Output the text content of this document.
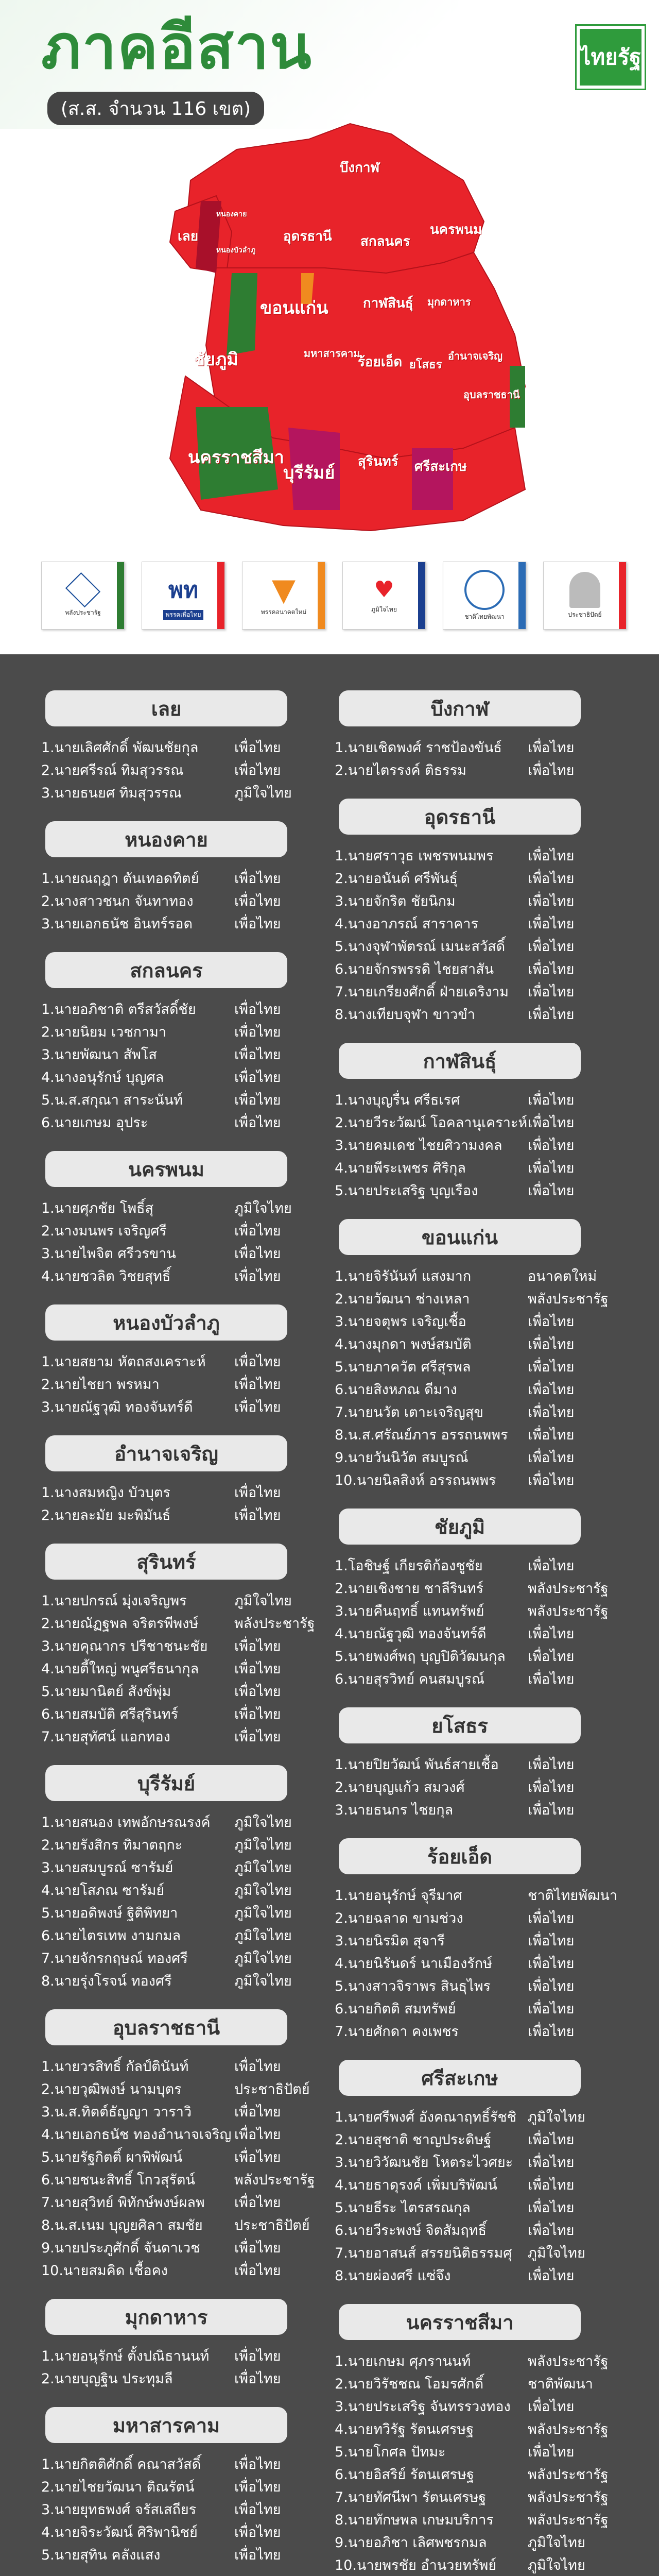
ภาคอีสาน
(ส.ส. จำนวน 116 เขต)
ไทยรัฐ
บึงกาฬ
เลย
หนองบัวลำภู
อุดรธานี สกลนคร
นครพนม
ขอนแก่น	กาฬสินธุ์ มุกดาหาร
ชัยภูมิ	มหาสารคาม
ร้อยเอ็ด ยโสธร
อำนาจเจริญ
อุบลราชธานี
นครราชสีมา
บุรีรัมย์
สุรินทร์ ศรีสะเกษ
หนองคาย
พลังประชารัฐ
พท
พรรคเพื่อไทย
▼
พรรคอนาคตใหม่
♥
ภูมิใจไทย
ชาติไทยพัฒนา	ประชาธิปัตย์
เลย
1.นายเลิศศักดิ์ พัฒนชัยกุล	เพื่อไทย
2.นายศรีรณ์ ทิมสุวรรณ	เพื่อไทย
3.นายธนยศ ทิมสุวรรณ	ภูมิใจไทย
หนองคาย
1.นายณฤฎา ตันเทอดทิตย์	เพื่อไทย
2.นางสาวชนก จันทาทอง	เพื่อไทย
3.นายเอกธนัช อินทร์รอด	เพื่อไทย
สกลนคร
1.นายอภิชาติ ตรีสวัสดิ์ชัย	เพื่อไทย
2.นายนิยม เวชกามา	เพื่อไทย
3.นายพัฒนา สัพโส	เพื่อไทย
4.นางอนุรักษ์ บุญศล	เพื่อไทย
5.น.ส.สกุณา สาระนันท์	เพื่อไทย
6.นายเกษม อุประ	เพื่อไทย
นครพนม
1.นายศุภชัย โพธิ์สุ	ภูมิใจไทย
2.นางมนพร เจริญศรี	เพื่อไทย
3.นายไพจิต ศรีวรขาน	เพื่อไทย
4.นายชวลิต วิชยสุทธิ์	เพื่อไทย
หนองบัวลำภู
1.นายสยาม หัตถสงเคราะห์	เพื่อไทย
2.นายไชยา พรหมา	เพื่อไทย
3.นายณัฐวุฒิ ทองจันทร์ดี	เพื่อไทย
อำนาจเจริญ
1.นางสมหญิง บัวบุตร	เพื่อไทย
2.นายละมัย มะพิมันธ์	เพื่อไทย
สุรินทร์
1.นายปกรณ์ มุ่งเจริญพร	ภูมิใจไทย
2.นายณัฏฐพล จริตรพีพงษ์	พลังประชารัฐ
3.นายคุณากร ปรีชาชนะชัย	เพื่อไทย
4.นายตี้ใหญ่ พนูศรีธนากุล	เพื่อไทย
5.นายมานิตย์ สังข์พุ่ม	เพื่อไทย
6.นายสมบัติ ศรีสุรินทร์	เพื่อไทย
7.นายสุทัศน์ แอกทอง	เพื่อไทย
บุรีรัมย์
1.นายสนอง เทพอักษรณรงค์	ภูมิใจไทย
2.นายรังสิกร ทิมาตฤกะ	ภูมิใจไทย
3.นายสมบูรณ์ ซารัมย์	ภูมิใจไทย
4.นายโสภณ ซารัมย์	ภูมิใจไทย
5.นายอดิพงษ์ ฐิติพิทยา	ภูมิใจไทย
6.นายไตรเทพ งามกมล	ภูมิใจไทย
7.นายจักรกฤษณ์ ทองศรี	ภูมิใจไทย
8.นายรุ่งโรจน์ ทองศรี	ภูมิใจไทย
อุบลราชธานี
1.นายวรสิทธิ์ กัลป์ตินันท์	เพื่อไทย
2.นายวุฒิพงษ์ นามบุตร	ประชาธิปัตย์
3.น.ส.ทิตต์ธัญญา วาราวิ	เพื่อไทย
4.นายเอกธนัช ทองอำนาจเจริญ เพื่อไทย
5.นายรัฐกิตติ์ ผาพิพัฒน์	เพื่อไทย
6.นายชนะสิทธิ์ โกวสุรัตน์	พลังประชารัฐ
7.นายสุวิทย์ พิทักษ์พงษ์ผลพ	เพื่อไทย
8.น.ส.เนม บุญยศิลา สมชัย	ประชาธิปัตย์
9.นายประภูศักดิ์ จันดาเวช	เพื่อไทย
10.นายสมคิด เชื้อคง	เพื่อไทย
มุกดาหาร
1.นายอนุรักษ์ ตั้งปณิธานนท์	เพื่อไทย
2.นายบุญฐิน ประทุมลี	เพื่อไทย
มหาสารคาม
1.นายกิตติศักดิ์ คณาสวัสดิ์	เพื่อไทย
2.นายไชยวัฒนา ติณรัตน์	เพื่อไทย
3.นายยุทธพงศ์ จรัสเสถียร	เพื่อไทย
4.นายจิระวัฒน์ ศิริพานิชย์	เพื่อไทย
5.นายสุทิน คลังแสง	เพื่อไทย
บึงกาฬ
1.นายเชิดพงศ์ ราชป้องขันธ์	เพื่อไทย
2.นายไตรรงค์ ติธรรม	เพื่อไทย
อุดรธานี
1.นายศราวุธ เพชรพนมพร	เพื่อไทย
2.นายอนันต์ ศรีพันธุ์	เพื่อไทย
3.นายจักริต ชัยนิกม	เพื่อไทย
4.นางอาภรณ์ สาราคาร	เพื่อไทย
5.นางจุฬาพัตรณ์ เมนะสวัสดิ์	เพื่อไทย
6.นายจักรพรรดิ ไชยสาสัน	เพื่อไทย
7.นายเกรียงศักดิ์ ฝ่ายเดริงาม	เพื่อไทย
8.นางเทียบจุฬา ขาวขำ	เพื่อไทย
กาฬสินธุ์
1.นางบุญรื่น ศรีธเรศ	เพื่อไทย
2.นายวีระวัฒน์ โอคลานุเคราะห์ เพื่อไทย
3.นายคมเดช ไชยศิวามงคล	เพื่อไทย
4.นายพีระเพชร ศิริกุล	เพื่อไทย
5.นายประเสริฐ บุญเรือง	เพื่อไทย
ขอนแก่น
1.นายจิรันันท์ แสงมาก	อนาคตใหม่
2.นายวัฒนา ช่างเหลา	พลังประชารัฐ
3.นายจตุพร เจริญเชื้อ	เพื่อไทย
4.นางมุกดา พงษ์สมบัติ	เพื่อไทย
5.นายภาควัต ศรีสุรพล	เพื่อไทย
6.นายสิงหภณ ดีมาง	เพื่อไทย
7.นายนวัต เตาะเจริญสุข	เพื่อไทย
8.น.ส.ศรัณย์ภาร อรรถนพพร	เพื่อไทย
9.นายวันนิวัต สมบูรณ์	เพื่อไทย
10.นายนิลสิงห์ อรรถนพพร	เพื่อไทย
ชัยภูมิ
1.โอชิษฐ์ เกียรติก้องชูชัย	เพื่อไทย
2.นายเชิงชาย ชาลีรินทร์	พลังประชารัฐ
3.นายคืนฤทธิ์ แทนทรัพย์	พลังประชารัฐ
4.นายณัฐวุฒิ ทองจันทร์ดี	เพื่อไทย
5.นายพงศ์พฤ บุญปิติวัฒนกุล	เพื่อไทย
6.นายสุรวิทย์ คนสมบูรณ์	เพื่อไทย
ยโสธร
1.นายปิยวัฒน์ พันธ์สายเชื้อ	เพื่อไทย
2.นายบุญแก้ว สมวงศ์	เพื่อไทย
3.นายธนกร ไชยกุล	เพื่อไทย
ร้อยเอ็ด
1.นายอนุรักษ์ จุรีมาศ	ชาติไทยพัฒนา
2.นายฉลาด ขามช่วง	เพื่อไทย
3.นายนิรมิต สุจารี	เพื่อไทย
4.นายนิรันดร์ นาเมืองรักษ์	เพื่อไทย
5.นางสาวจิราพร สินธุไพร	เพื่อไทย
6.นายกิตติ สมทรัพย์	เพื่อไทย
7.นายศักดา คงเพชร	เพื่อไทย
ศรีสะเกษ
1.นายศรีพงศ์ อังคณาฤทธิ์รัชชิ ภูมิใจไทย
2.นายสุชาติ ชาญประดิษฐ์	เพื่อไทย
3.นายวิวัฒนชัย โหตระไวศยะ	เพื่อไทย
4.นายธาดุรงค์ เพิ่มบริพัฒน์	เพื่อไทย
5.นายธีระ ไตรสรณกุล	เพื่อไทย
6.นายวีระพงษ์ จิตสัมฤทธิ์	เพื่อไทย
7.นายอาสนส์ สรรยนิติธรรมศุ	ภูมิใจไทย
8.นายผ่องศรี แซ่จึง	เพื่อไทย
นครราชสีมา
1.นายเกษม ศุภรานนท์	พลังประชารัฐ
2.นายวิรัชชณ โอมรศักดิ์	ชาติพัฒนา
3.นายประเสริฐ จันทรรวงทอง	เพื่อไทย
4.นายทวิรัฐ รัตนเศรษฐ	พลังประชารัฐ
5.นายโกศล ปัทมะ	เพื่อไทย
6.นายอิสริย์ รัตนเศรษฐ	พลังประชารัฐ
7.นายทัศนีพา รัตนเศรษฐ	พลังประชารัฐ
8.นายทักษพล เกษมบริการ	พลังประชารัฐ
9.นายอภิชา เลิศพชรกมล	ภูมิใจไทย
10.นายพรชัย อำนวยทรัพย์	ภูมิใจไทย
